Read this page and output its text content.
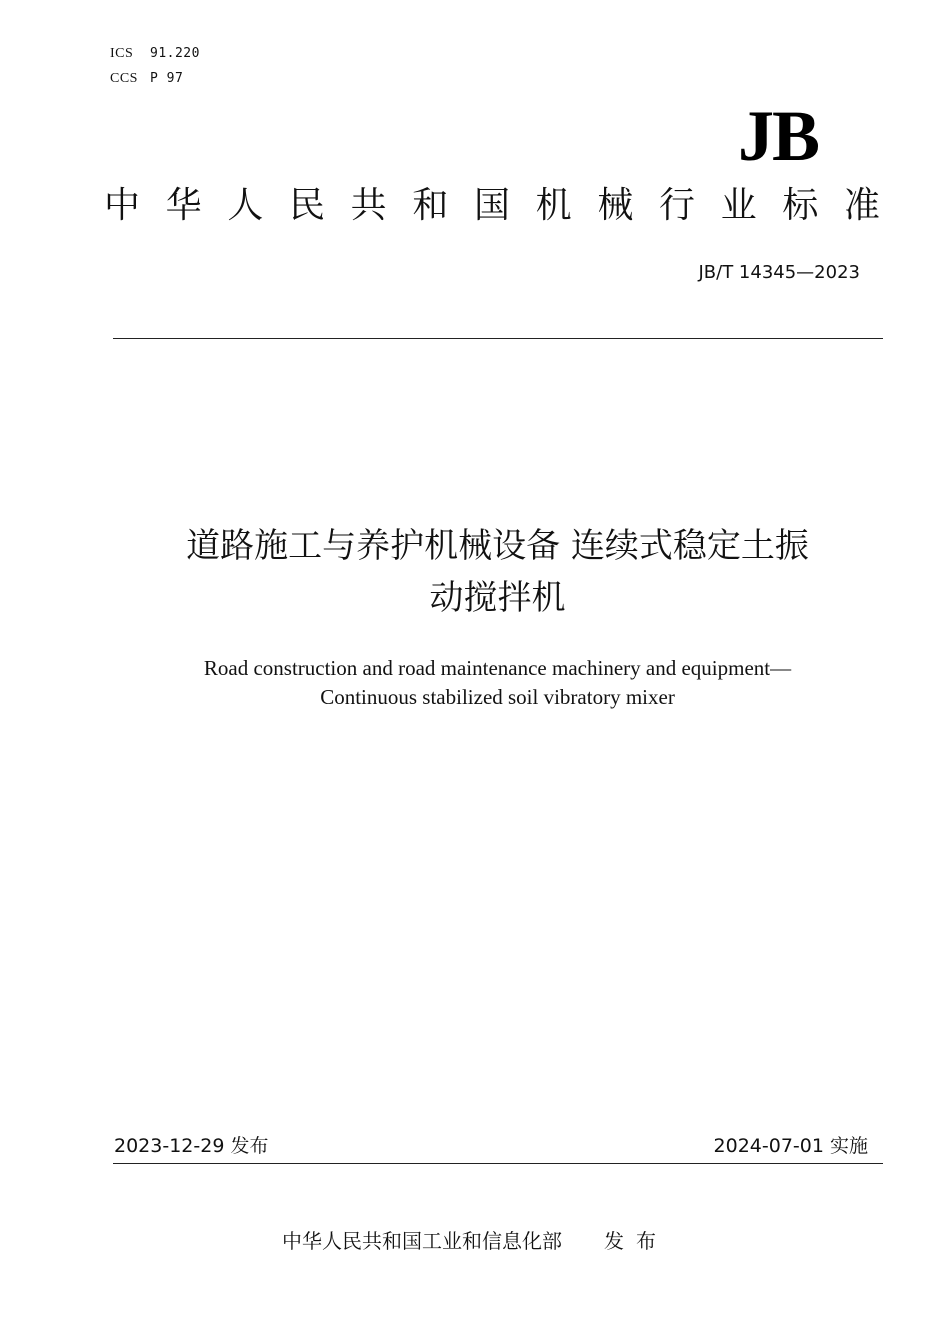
ICS 91.220
CCS P 97
JB
中华人民共和国机械行业标准
JB/T 14345—2023
道路施工与养护机械设备 连续式稳定土振
动搅拌机
Road construction and road maintenance machinery and equipment—
Continuous stabilized soil vibratory mixer
2023-12-29 发布	2024-07-01 实施
中华人民共和国工业和信息化部 发布
